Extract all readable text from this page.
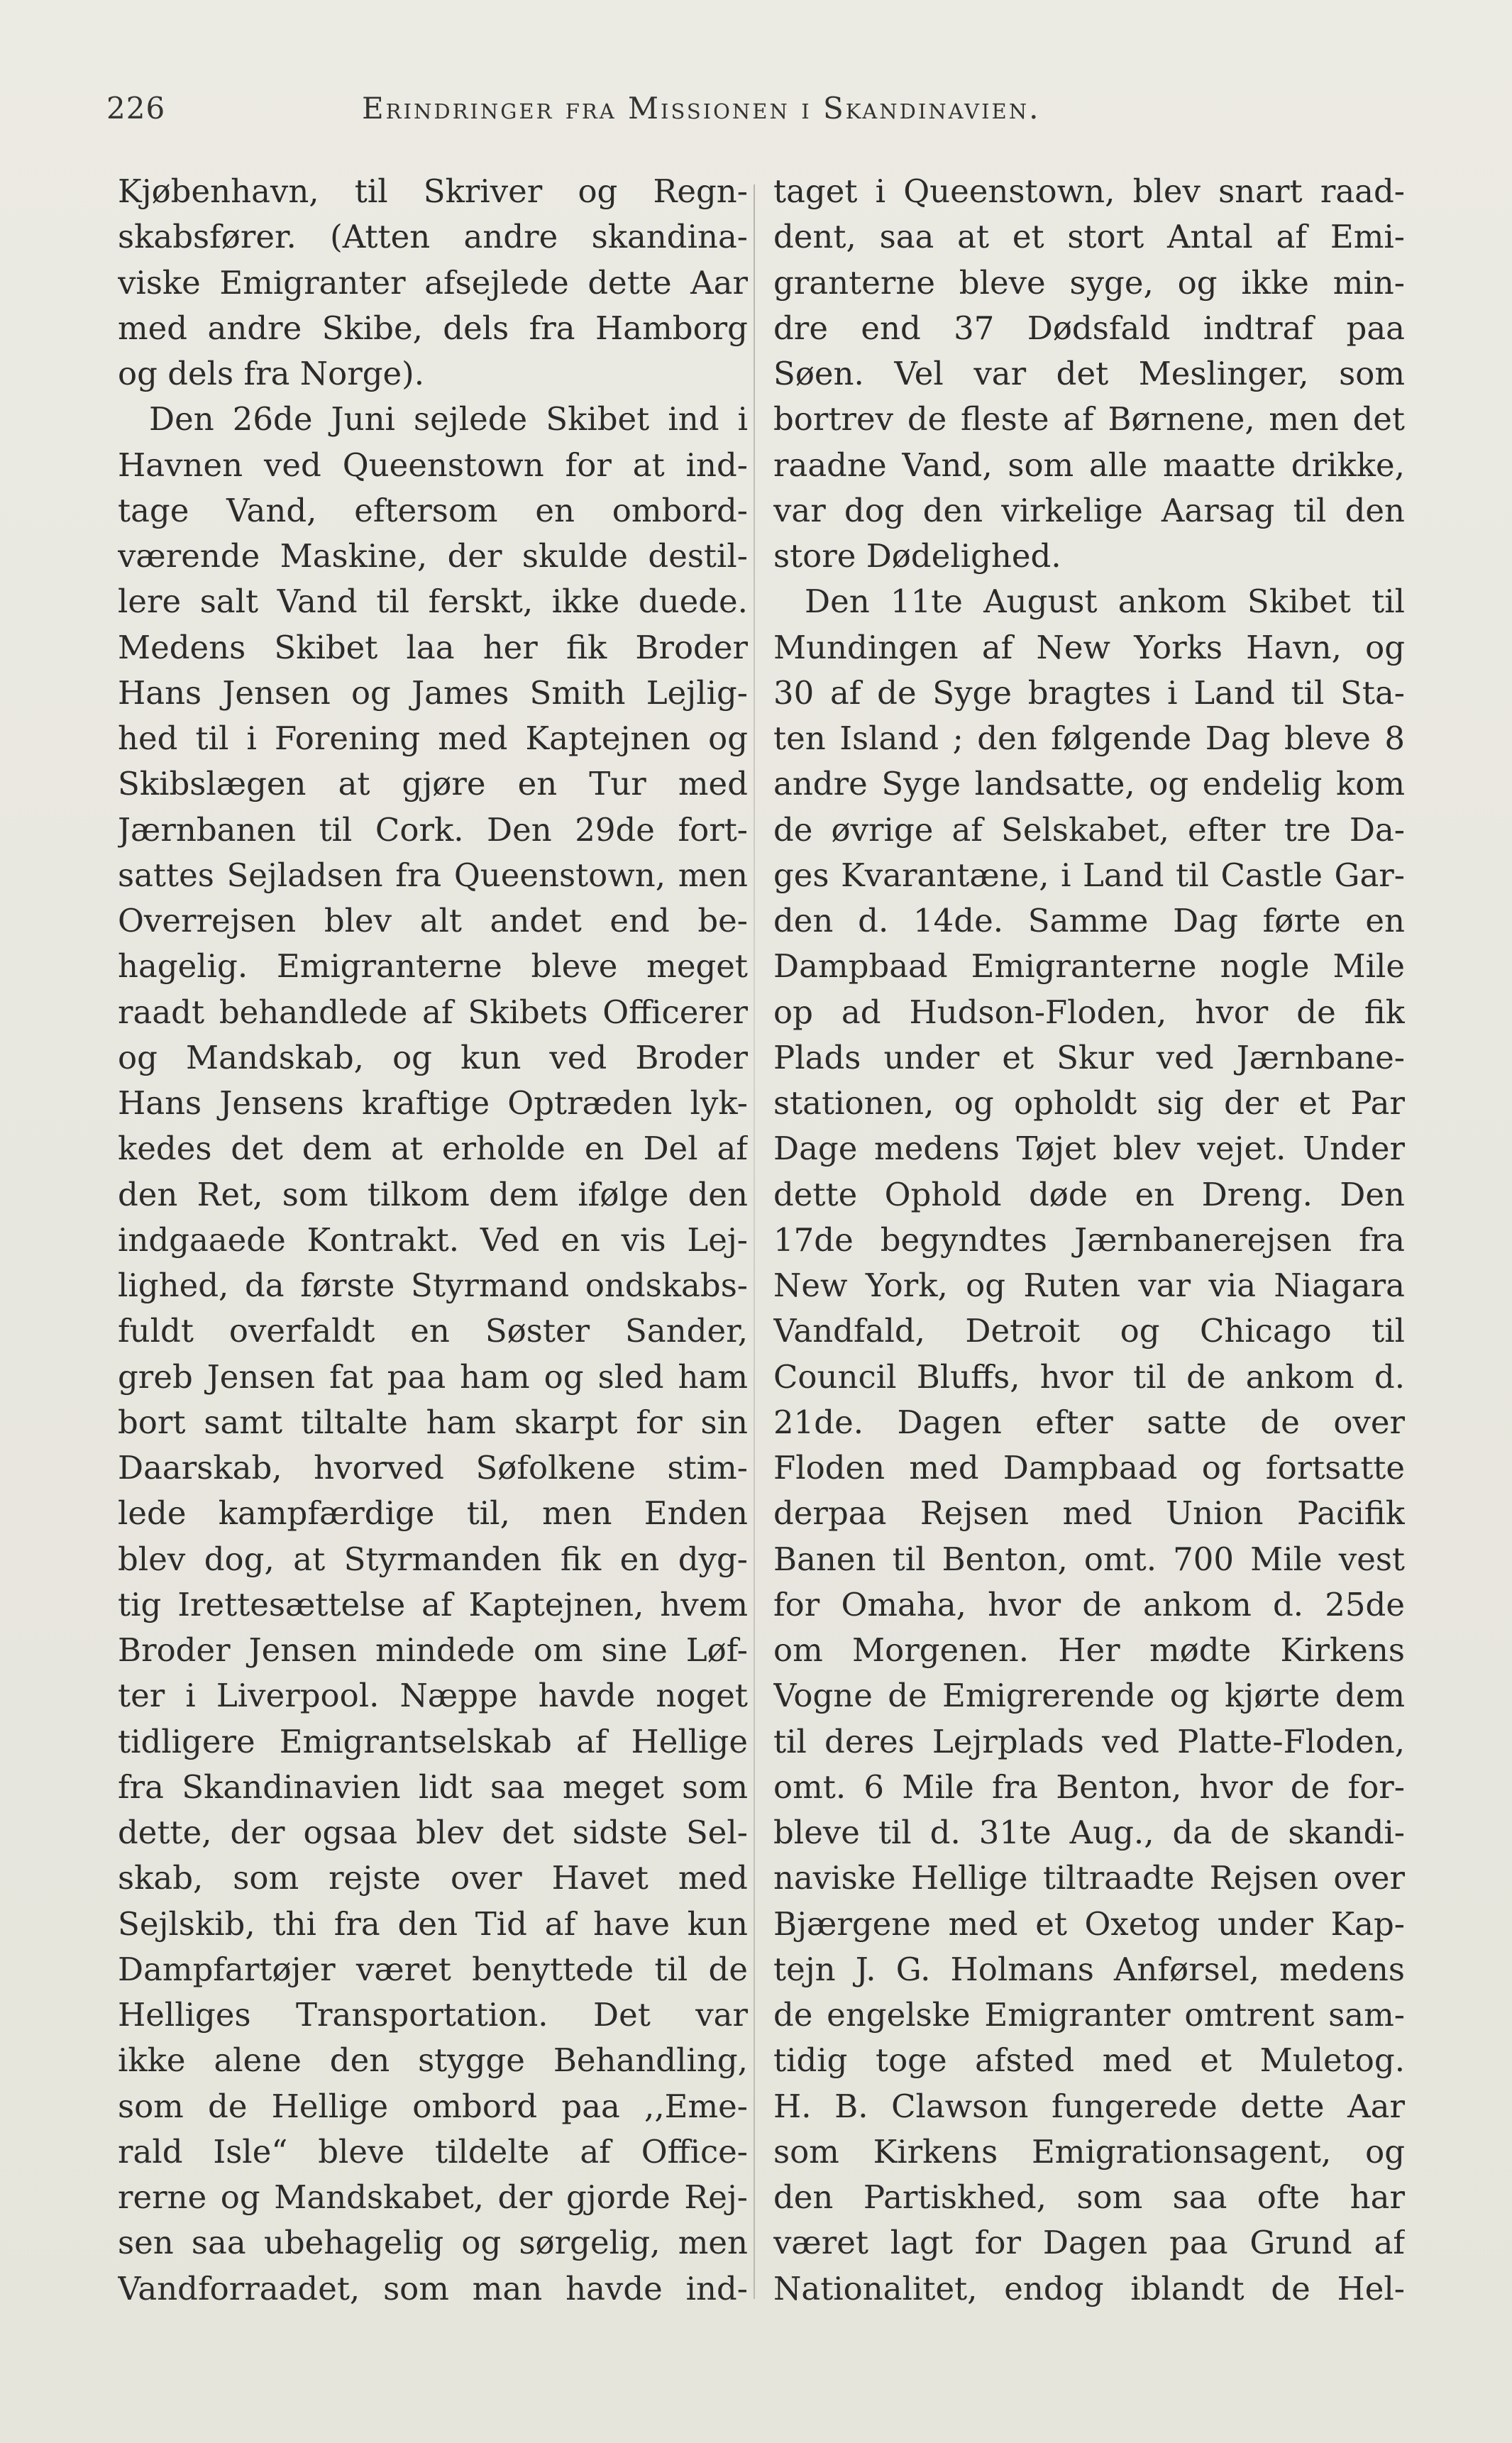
226	Erindringer fra Missionen i Skandinavien.
Kjøbenhavn, til Skriver og Regn-
skabsfører. (Atten andre skandina-
viske Emigranter afsejlede dette Aar
med andre Skibe, dels fra Hamborg
og dels fra Norge).
Den 26de Juni sejlede Skibet ind i
Havnen ved Queenstown for at ind-
tage Vand, eftersom en ombord-
værende Maskine, der skulde destil-
lere salt Vand til ferskt, ikke duede.
Medens Skibet laa her fik Broder
Hans Jensen og James Smith Lejlig-
hed til i Forening med Kaptejnen og
Skibslægen at gjøre en Tur med
Jærnbanen til Cork. Den 29de fort-
sattes Sejladsen fra Queenstown, men
Overrejsen blev alt andet end be-
hagelig. Emigranterne bleve meget
raadt behandlede af Skibets Officerer
og Mandskab, og kun ved Broder
Hans Jensens kraftige Optræden lyk-
kedes det dem at erholde en Del af
den Ret, som tilkom dem ifølge den
indgaaede Kontrakt. Ved en vis Lej-
lighed, da første Styrmand ondskabs-
fuldt overfaldt en Søster Sander,
greb Jensen fat paa ham og sled ham
bort samt tiltalte ham skarpt for sin
Daarskab, hvorved Søfolkene stim-
lede kampfærdige til, men Enden
blev dog, at Styrmanden fik en dyg-
tig Irettesættelse af Kaptejnen, hvem
Broder Jensen mindede om sine Løf-
ter i Liverpool. Næppe havde noget
tidligere Emigrantselskab af Hellige
fra Skandinavien lidt saa meget som
dette, der ogsaa blev det sidste Sel-
skab, som rejste over Havet med
Sejlskib, thi fra den Tid af have kun
Dampfartøjer været benyttede til de
Helliges Transportation. Det var
ikke alene den stygge Behandling,
som de Hellige ombord paa ,,Eme-
rald Isle“ bleve tildelte af Office-
rerne og Mandskabet, der gjorde Rej-
sen saa ubehagelig og sørgelig, men
Vandforraadet, som man havde ind-
taget i Queenstown, blev snart raad-
dent, saa at et stort Antal af Emi-
granterne bleve syge, og ikke min-
dre end 37 Dødsfald indtraf paa
Søen. Vel var det Meslinger, som
bortrev de fleste af Børnene, men det
raadne Vand, som alle maatte drikke,
var dog den virkelige Aarsag til den
store Dødelighed.
Den 11te August ankom Skibet til
Mundingen af New Yorks Havn, og
30 af de Syge bragtes i Land til Sta-
ten Island ; den følgende Dag bleve 8
andre Syge landsatte, og endelig kom
de øvrige af Selskabet, efter tre Da-
ges Kvarantæne, i Land til Castle Gar-
den d. 14de. Samme Dag førte en
Dampbaad Emigranterne nogle Mile
op ad Hudson-Floden, hvor de fik
Plads under et Skur ved Jærnbane-
stationen, og opholdt sig der et Par
Dage medens Tøjet blev vejet. Under
dette Ophold døde en Dreng. Den
17de begyndtes Jærnbanerejsen fra
New York, og Ruten var via Niagara
Vandfald, Detroit og Chicago til
Council Bluffs, hvor til de ankom d.
21de. Dagen efter satte de over
Floden med Dampbaad og fortsatte
derpaa Rejsen med Union Pacifik
Banen til Benton, omt. 700 Mile vest
for Omaha, hvor de ankom d. 25de
om Morgenen. Her mødte Kirkens
Vogne de Emigrerende og kjørte dem
til deres Lejrplads ved Platte-Floden,
omt. 6 Mile fra Benton, hvor de for-
bleve til d. 31te Aug., da de skandi-
naviske Hellige tiltraadte Rejsen over
Bjærgene med et Oxetog under Kap-
tejn J. G. Holmans Anførsel, medens
de engelske Emigranter omtrent sam-
tidig toge afsted med et Muletog.
H. B. Clawson fungerede dette Aar
som Kirkens Emigrationsagent, og
den Partiskhed, som saa ofte har
været lagt for Dagen paa Grund af
Nationalitet, endog iblandt de Hel-
